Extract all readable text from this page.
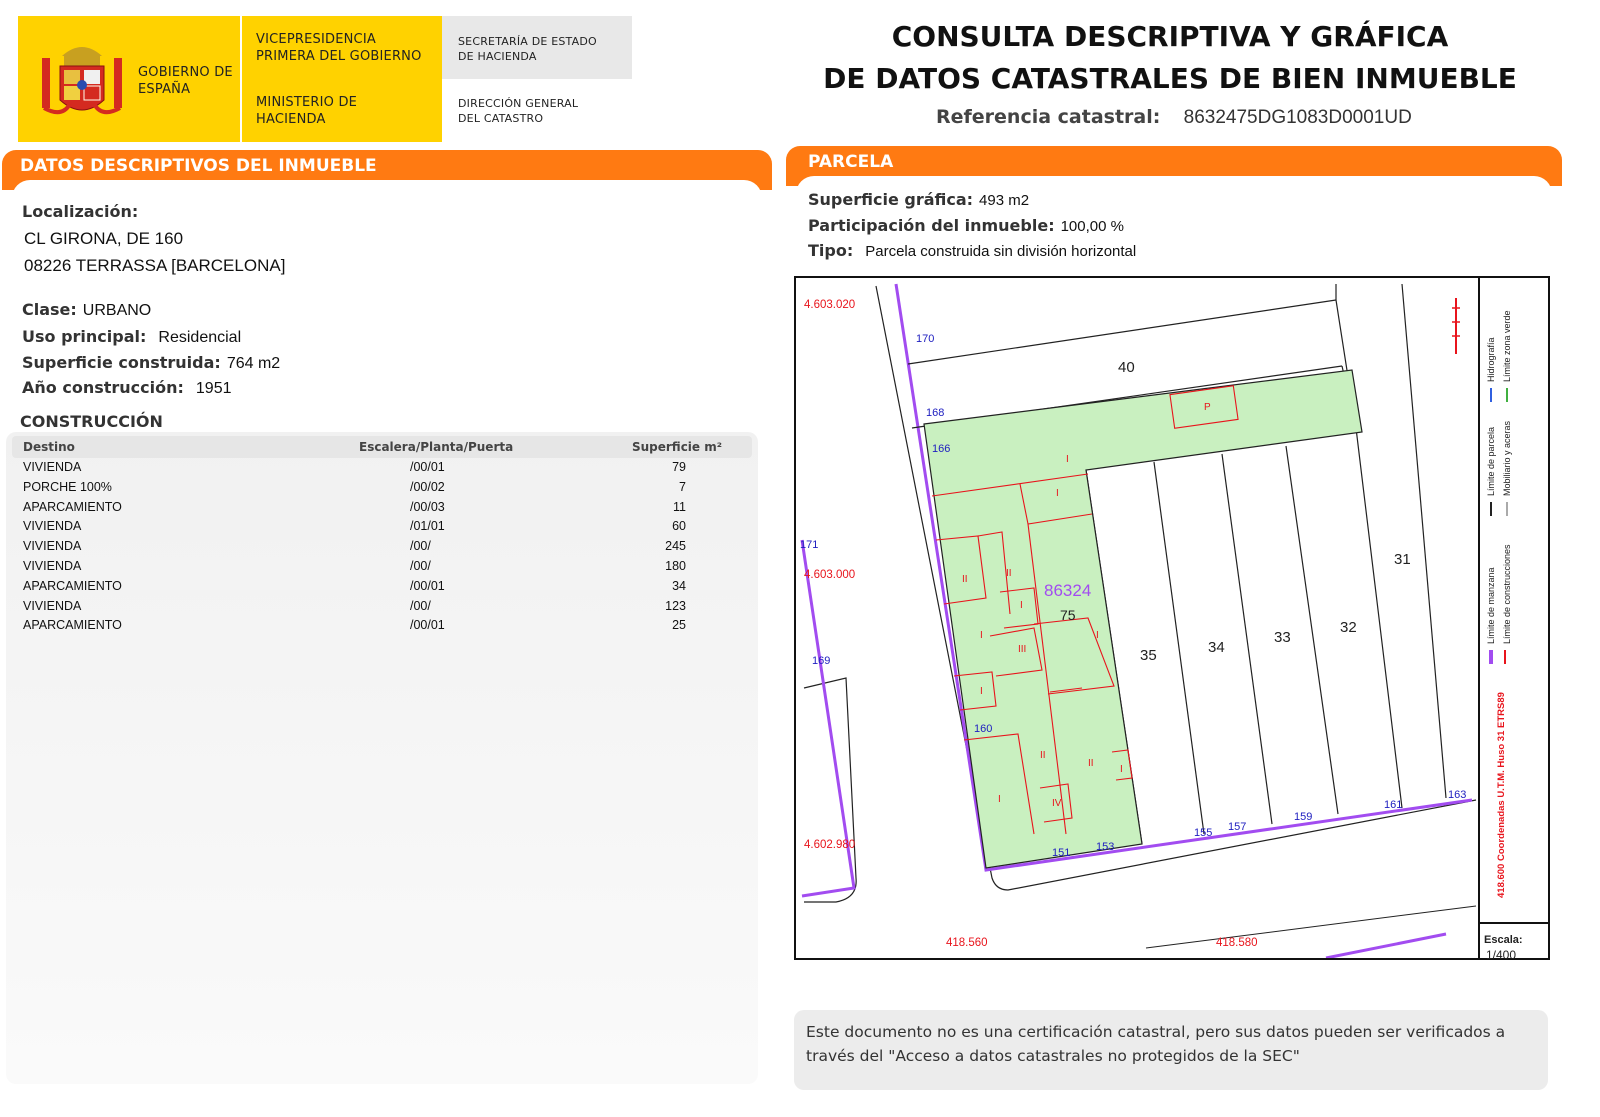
GOBIERNO DE ESPAÑA
VICEPRESIDENCIA PRIMERA DEL GOBIERNO
MINISTERIO DE HACIENDA
SECRETARÍA DE ESTADO DE HACIENDA
DIRECCIÓN GENERAL DEL CATASTRO
CONSULTA DESCRIPTIVA Y GRÁFICA
DE DATOS CATASTRALES DE BIEN INMUEBLE
Referencia catastral: 8632475DG1083D0001UD
DATOS DESCRIPTIVOS DEL INMUEBLE
Localización:
CL GIRONA, DE 160
08226 TERRASSA [BARCELONA]
Clase: URBANO
Uso principal: Residencial
Superficie construida: 764 m2
Año construcción: 1951
CONSTRUCCIÓN
Destino	Escalera/Planta/Puerta	Superficie m²
VIVIENDA	/00/01	79
PORCHE 100%	/00/02	7
APARCAMIENTO	/00/03	11
VIVIENDA	/01/01	60
VIVIENDA	/00/	245
VIVIENDA	/00/	180
APARCAMIENTO	/00/01	34
VIVIENDA	/00/	123
APARCAMIENTO	/00/01	25
PARCELA
Superficie gráfica: 493 m2
Participación del inmueble: 100,00 %
Tipo: Parcela construida sin división horizontal
40
75
35	34
33
32
31
86324
P
I
I
II
II
I
I
III
I
I
II
II
I
IV
I
170
168
166
171
169
160
151 153
155 157
159
161
163
4.603.020
4.603.000
4.602.980
418.560	418.580
418.600 Coordenadas U.T.M. Huso 31 ETRS89
Límite de manzana Límite de construcciones
Límite de parcela Mobiliario y aceras
Hidrografía Límite zona verde
Escala:
1/400
Este documento no es una certificación catastral, pero sus datos pueden ser verificados a través del "Acceso a datos catastrales no protegidos de la SEC"
